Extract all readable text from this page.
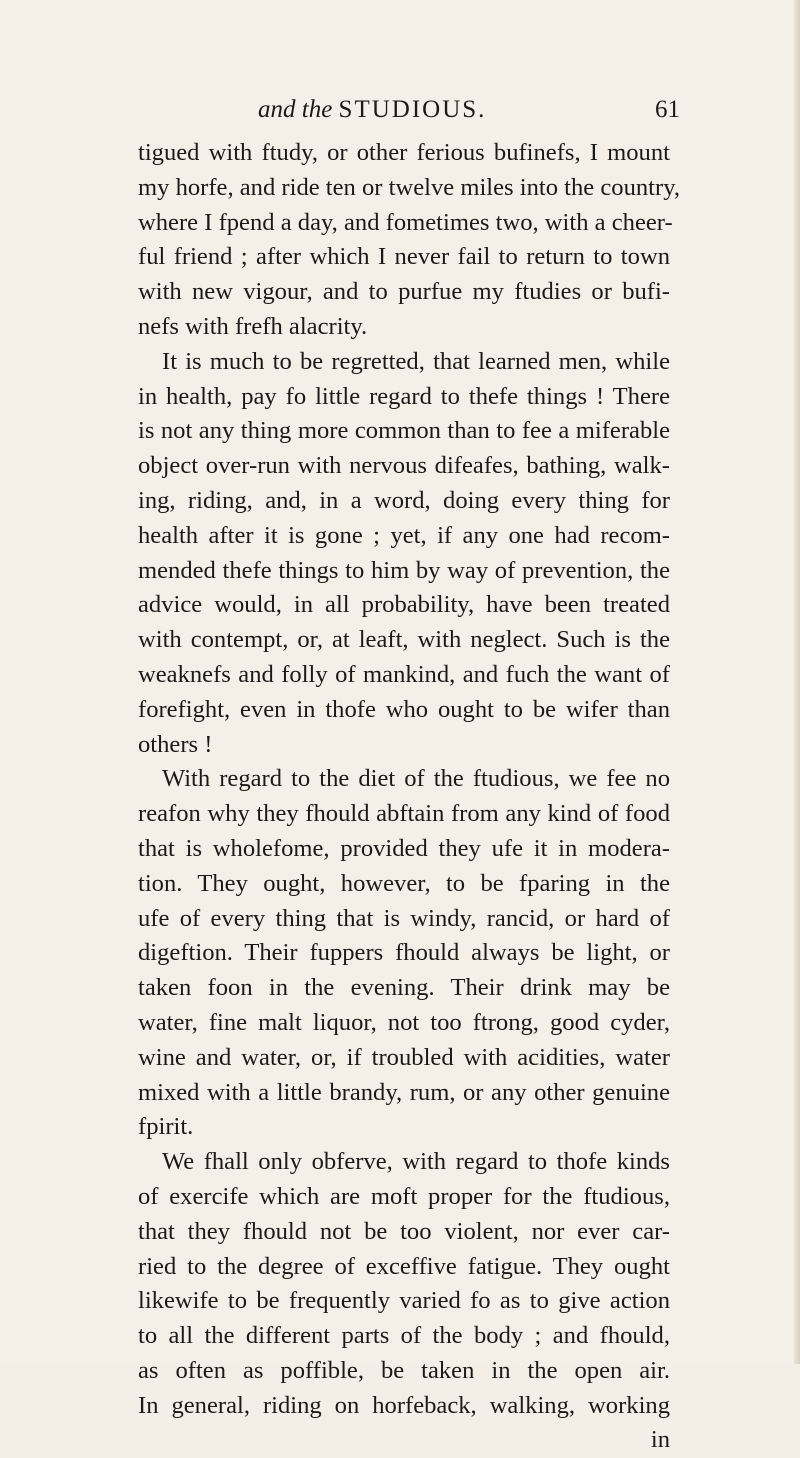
and the STUDIOUS.	61
tigued with ftudy, or other ferious bufinefs, I mount
my horfe, and ride ten or twelve miles into the country,
where I fpend a day, and fometimes two, with a cheer-
ful friend ; after which I never fail to return to town
with new vigour, and to purfue my ftudies or bufi-
nefs with frefh alacrity.
It is much to be regretted, that learned men, while
in health, pay fo little regard to thefe things ! There
is not any thing more common than to fee a miferable
object over-run with nervous difeafes, bathing, walk-
ing, riding, and, in a word, doing every thing for
health after it is gone ; yet, if any one had recom-
mended thefe things to him by way of prevention, the
advice would, in all probability, have been treated
with contempt, or, at leaft, with neglect. Such is the
weaknefs and folly of mankind, and fuch the want of
forefight, even in thofe who ought to be wifer than
others !
With regard to the diet of the ftudious, we fee no
reafon why they fhould abftain from any kind of food
that is wholefome, provided they ufe it in modera-
tion. They ought, however, to be fparing in the
ufe of every thing that is windy, rancid, or hard of
digeftion. Their fuppers fhould always be light, or
taken foon in the evening. Their drink may be
water, fine malt liquor, not too ftrong, good cyder,
wine and water, or, if troubled with acidities, water
mixed with a little brandy, rum, or any other genuine
fpirit.
We fhall only obferve, with regard to thofe kinds
of exercife which are moft proper for the ftudious,
that they fhould not be too violent, nor ever car-
ried to the degree of exceffive fatigue. They ought
likewife to be frequently varied fo as to give action
to all the different parts of the body ; and fhould,
as often as poffible, be taken in the open air.
In general, riding on horfeback, walking, working
in
